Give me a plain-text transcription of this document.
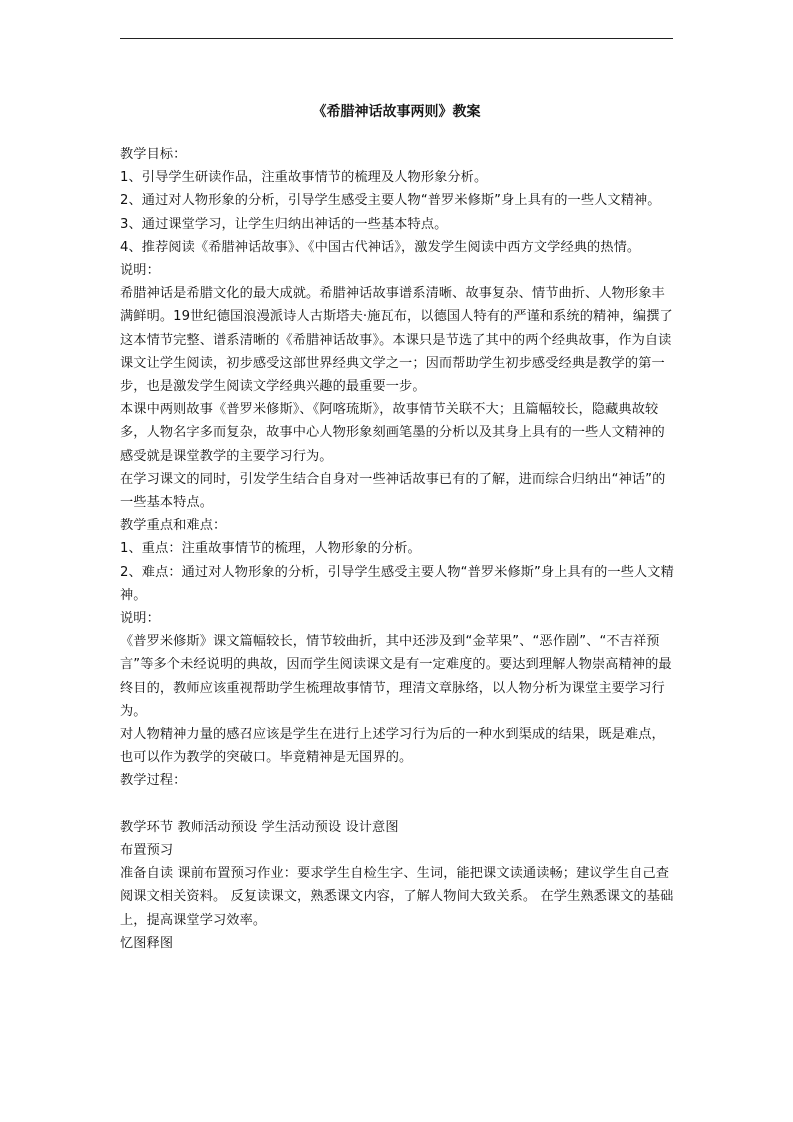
《希腊神话故事两则》教案

教学目标：

1、引导学生研读作品，注重故事情节的梳理及人物形象分析。

2、通过对人物形象的分析，引导学生感受主要人物“普罗米修斯”身上具有的一些人文精神。

3、通过课堂学习，让学生归纳出神话的一些基本特点。

4、推荐阅读《希腊神话故事》、《中国古代神话》，激发学生阅读中西方文学经典的热情。

说明：

希腊神话是希腊文化的最大成就。希腊神话故事谱系清晰、故事复杂、情节曲折、人物形象丰满鲜明。19世纪德国浪漫派诗人古斯塔夫·施瓦布，以德国人特有的严谨和系统的精神，编撰了这本情节完整、谱系清晰的《希腊神话故事》。本课只是节选了其中的两个经典故事，作为自读课文让学生阅读，初步感受这部世界经典文学之一；因而帮助学生初步感受经典是教学的第一步，也是激发学生阅读文学经典兴趣的最重要一步。

本课中两则故事《普罗米修斯》、《阿喀琉斯》，故事情节关联不大；且篇幅较长，隐藏典故较多，人物名字多而复杂，故事中心人物形象刻画笔墨的分析以及其身上具有的一些人文精神的感受就是课堂教学的主要学习行为。

在学习课文的同时，引发学生结合自身对一些神话故事已有的了解，进而综合归纳出“神话”的一些基本特点。

教学重点和难点：

1、重点：注重故事情节的梳理，人物形象的分析。

2、难点：通过对人物形象的分析，引导学生感受主要人物“普罗米修斯”身上具有的一些人文精神。

说明：

《普罗米修斯》课文篇幅较长，情节较曲折，其中还涉及到“金苹果”、“恶作剧”、“不吉祥预言”等多个未经说明的典故，因而学生阅读课文是有一定难度的。要达到理解人物崇高精神的最终目的，教师应该重视帮助学生梳理故事情节，理清文章脉络，以人物分析为课堂主要学习行为。

对人物精神力量的感召应该是学生在进行上述学习行为后的一种水到渠成的结果，既是难点，也可以作为教学的突破口。毕竟精神是无国界的。

教学过程：

教学环节 教师活动预设 学生活动预设 设计意图

布置预习

准备自读 课前布置预习作业：要求学生自检生字、生词，能把课文读通读畅；建议学生自己查阅课文相关资料。 反复读课文，熟悉课文内容，了解人物间大致关系。 在学生熟悉课文的基础上，提高课堂学习效率。

忆图释图
